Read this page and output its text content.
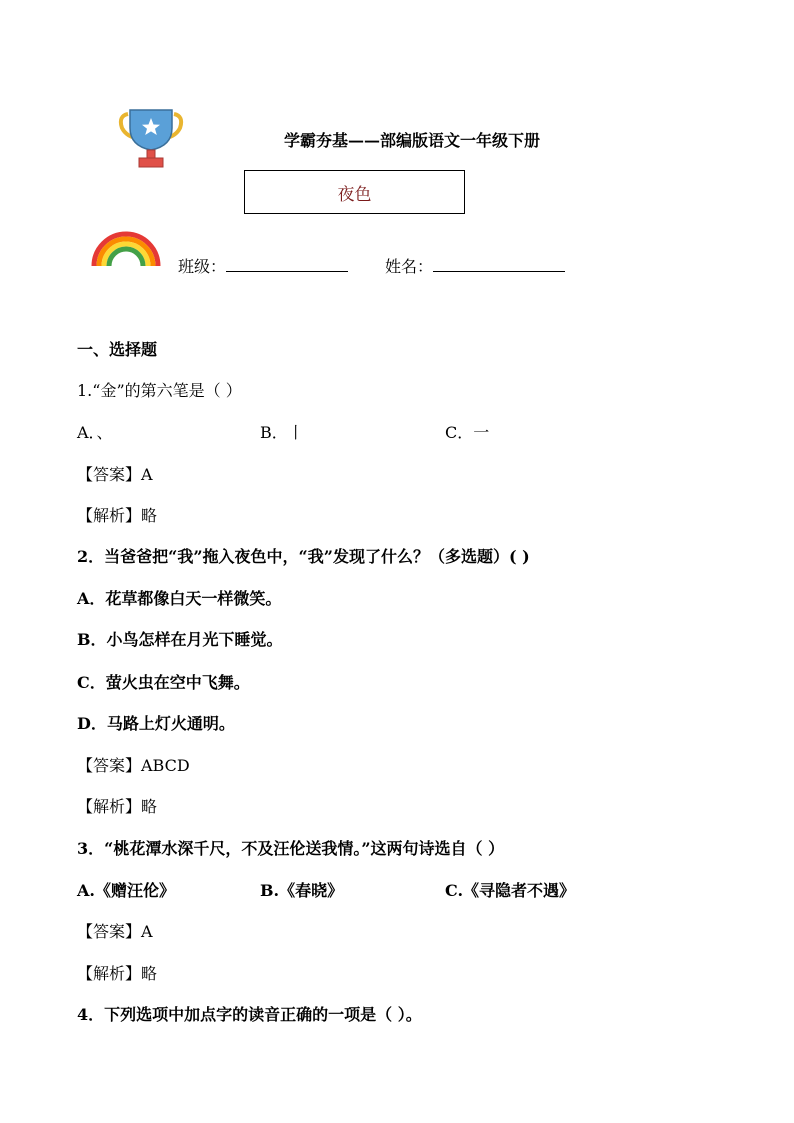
学霸夯基——部编版语文一年级下册
夜色
班级：	姓名：
一、选择题
1.“金”的第六笔是（ ）
A．、	B．丨	C．一
【答案】A
【解析】略
2．当爸爸把“我”拖入夜色中，“我”发现了什么？（多选题）( )
A．花草都像白天一样微笑。
B．小鸟怎样在月光下睡觉。
C．萤火虫在空中飞舞。
D．马路上灯火通明。
【答案】ABCD
【解析】略
3．“桃花潭水深千尺，不及汪伦送我情。”这两句诗选自（ ）
A.《赠汪伦》	B.《春晓》	C.《寻隐者不遇》
【答案】A
【解析】略
4．下列选项中加点字的读音正确的一项是（ ）。
